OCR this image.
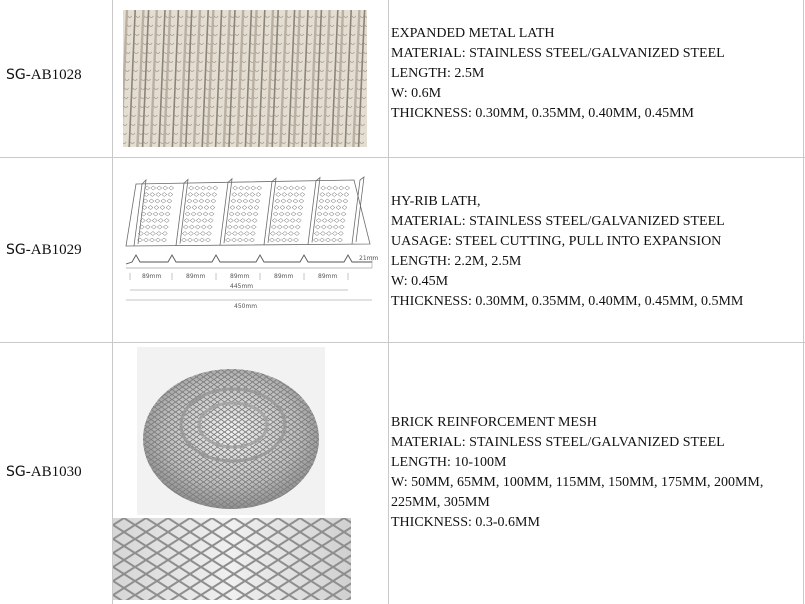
SG-AB1028
EXPANDED METAL LATH
MATERIAL: STAINLESS STEEL/GALVANIZED STEEL
LENGTH: 2.5M
W: 0.6M
THICKNESS: 0.30MM, 0.35MM, 0.40MM, 0.45MM
SG-AB1029
89mm	89mm	89mm	89mm	89mm
445mm
450mm
21mm
HY-RIB LATH,
MATERIAL: STAINLESS STEEL/GALVANIZED STEEL
UASAGE: STEEL CUTTING, PULL INTO EXPANSION
LENGTH: 2.2M, 2.5M
W: 0.45M
THICKNESS: 0.30MM, 0.35MM, 0.40MM, 0.45MM, 0.5MM
SG-AB1030
BRICK REINFORCEMENT MESH
MATERIAL: STAINLESS STEEL/GALVANIZED STEEL
LENGTH: 10-100M
W: 50MM, 65MM, 100MM, 115MM, 150MM, 175MM, 200MM, 225MM, 305MM
THICKNESS: 0.3-0.6MM
